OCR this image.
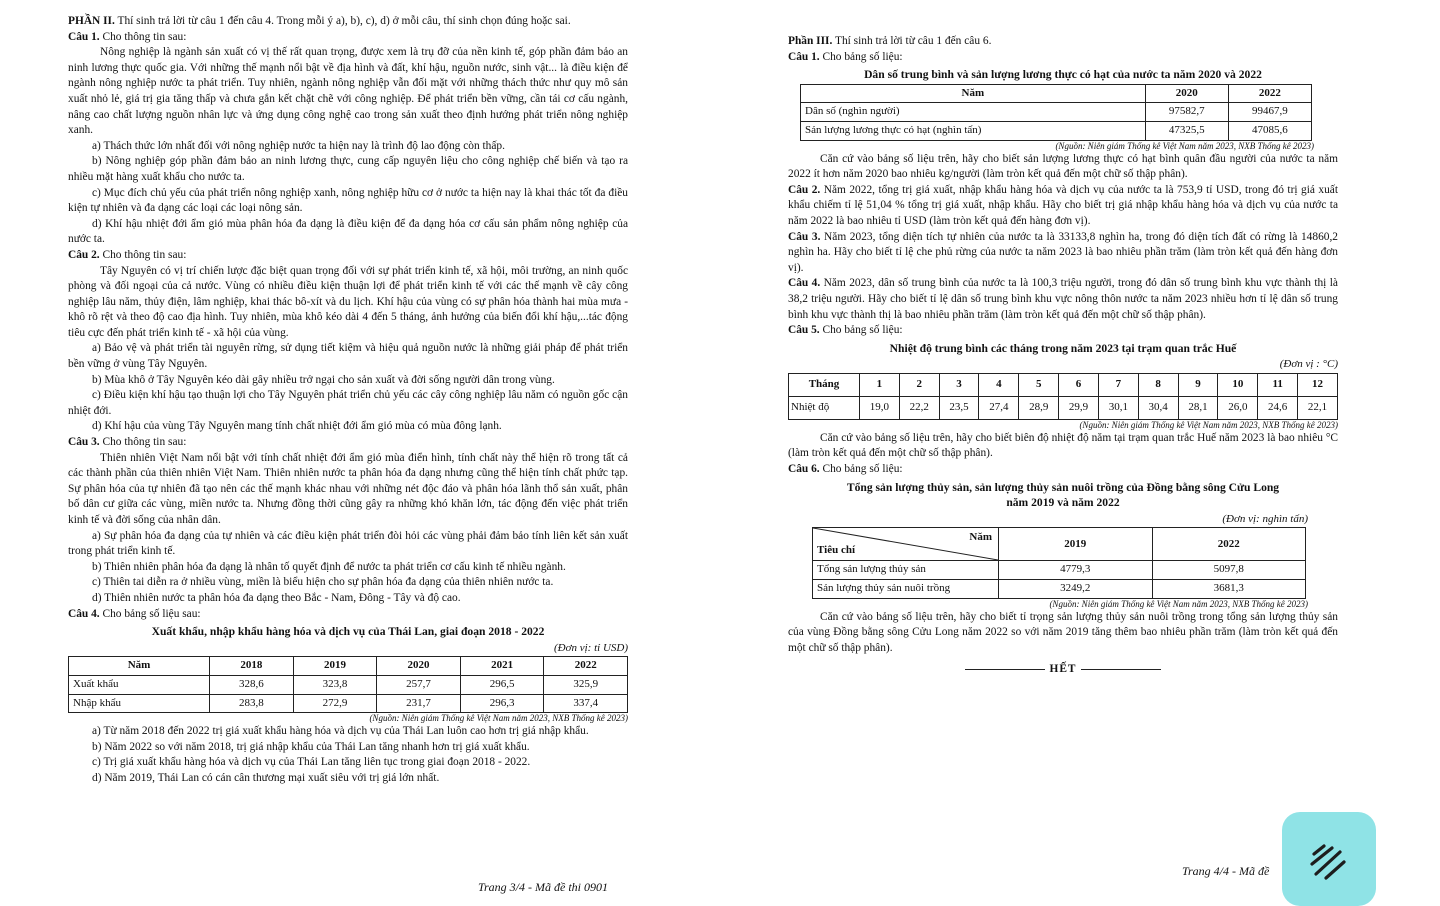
PHẦN II. Thí sinh trả lời từ câu 1 đến câu 4. Trong mỗi ý a), b), c), d) ở mỗi câu, thí sinh chọn đúng hoặc sai.

Câu 1. Cho thông tin sau:

Nông nghiệp là ngành sản xuất có vị thế rất quan trọng, được xem là trụ đỡ của nền kinh tế, góp phần đảm bảo an ninh lương thực quốc gia. Với những thế mạnh nổi bật về địa hình và đất, khí hậu, nguồn nước, sinh vật... là điều kiện để ngành nông nghiệp nước ta phát triển. Tuy nhiên, ngành nông nghiệp vẫn đối mặt với những thách thức như quy mô sản xuất nhỏ lẻ, giá trị gia tăng thấp và chưa gắn kết chặt chẽ với công nghiệp. Để phát triển bền vững, cần tái cơ cấu ngành, nâng cao chất lượng nguồn nhân lực và ứng dụng công nghệ cao trong sản xuất theo định hướng phát triển nông nghiệp xanh.

a) Thách thức lớn nhất đối với nông nghiệp nước ta hiện nay là trình độ lao động còn thấp.

b) Nông nghiệp góp phần đảm bảo an ninh lương thực, cung cấp nguyên liệu cho công nghiệp chế biến và tạo ra nhiều mặt hàng xuất khẩu cho nước ta.

c) Mục đích chủ yếu của phát triển nông nghiệp xanh, nông nghiệp hữu cơ ở nước ta hiện nay là khai thác tốt đa điều kiện tự nhiên và đa dạng các loại các loại nông sản.

d) Khí hậu nhiệt đới ẩm gió mùa phân hóa đa dạng là điều kiện để đa dạng hóa cơ cấu sản phẩm nông nghiệp của nước ta.

Câu 2. Cho thông tin sau:

Tây Nguyên có vị trí chiến lược đặc biệt quan trọng đối với sự phát triển kinh tế, xã hội, môi trường, an ninh quốc phòng và đối ngoại của cả nước. Vùng có nhiều điều kiện thuận lợi để phát triển kinh tế với các thế mạnh về cây công nghiệp lâu năm, thủy điện, lâm nghiệp, khai thác bô-xít và du lịch. Khí hậu của vùng có sự phân hóa thành hai mùa mưa - khô rõ rệt và theo độ cao địa hình. Tuy nhiên, mùa khô kéo dài 4 đến 5 tháng, ảnh hưởng của biến đổi khí hậu,...tác động tiêu cực đến phát triển kinh tế - xã hội của vùng.

a) Bảo vệ và phát triển tài nguyên rừng, sử dụng tiết kiệm và hiệu quả nguồn nước là những giải pháp để phát triển bền vững ở vùng Tây Nguyên.

b) Mùa khô ở Tây Nguyên kéo dài gây nhiều trở ngại cho sản xuất và đời sống người dân trong vùng.

c) Điều kiện khí hậu tạo thuận lợi cho Tây Nguyên phát triển chủ yếu các cây công nghiệp lâu năm có nguồn gốc cận nhiệt đới.

d) Khí hậu của vùng Tây Nguyên mang tính chất nhiệt đới ẩm gió mùa có mùa đông lạnh.

Câu 3. Cho thông tin sau:

Thiên nhiên Việt Nam nổi bật với tính chất nhiệt đới ẩm gió mùa điển hình, tính chất này thể hiện rõ trong tất cả các thành phần của thiên nhiên Việt Nam. Thiên nhiên nước ta phân hóa đa dạng nhưng cũng thể hiện tính chất phức tạp. Sự phân hóa của tự nhiên đã tạo nên các thế mạnh khác nhau với những nét độc đáo và phân hóa lãnh thổ sản xuất, phân bố dân cư giữa các vùng, miền nước ta. Nhưng đồng thời cũng gây ra những khó khăn lớn, tác động đến việc phát triển kinh tế và đời sống của nhân dân.

a) Sự phân hóa đa dạng của tự nhiên và các điều kiện phát triển đòi hỏi các vùng phải đảm bảo tính liên kết sản xuất trong phát triển kinh tế.

b) Thiên nhiên phân hóa đa dạng là nhân tố quyết định để nước ta phát triển cơ cấu kinh tế nhiều ngành.

c) Thiên tai diễn ra ở nhiều vùng, miền là biểu hiện cho sự phân hóa đa dạng của thiên nhiên nước ta.

d) Thiên nhiên nước ta phân hóa đa dạng theo Bắc - Nam, Đông - Tây và độ cao.

Câu 4. Cho bảng số liệu sau:

Xuất khẩu, nhập khẩu hàng hóa và dịch vụ của Thái Lan, giai đoạn 2018 - 2022

(Đơn vị: tỉ USD)

Năm	2018	2019	2020	2021	2022
Xuất khẩu	328,6	323,8	257,7	296,5	325,9
Nhập khẩu	283,8	272,9	231,7	296,3	337,4

(Nguồn: Niên giám Thống kê Việt Nam năm 2023, NXB Thống kê 2023)

a) Từ năm 2018 đến 2022 trị giá xuất khẩu hàng hóa và dịch vụ của Thái Lan luôn cao hơn trị giá nhập khẩu.

b) Năm 2022 so với năm 2018, trị giá nhập khẩu của Thái Lan tăng nhanh hơn trị giá xuất khẩu.

c) Trị giá xuất khẩu hàng hóa và dịch vụ của Thái Lan tăng liên tục trong giai đoạn 2018 - 2022.

d) Năm 2019, Thái Lan có cán cân thương mại xuất siêu với trị giá lớn nhất.

Trang 3/4 - Mã đề thi 0901

Phần III. Thí sinh trả lời từ câu 1 đến câu 6.

Câu 1. Cho bảng số liệu:

Dân số trung bình và sản lượng lương thực có hạt của nước ta năm 2020 và 2022

Năm	2020	2022
Dân số (nghìn người)	97582,7	99467,9
Sản lượng lương thực có hạt (nghìn tấn)	47325,5	47085,6

(Nguồn: Niên giám Thống kê Việt Nam năm 2023, NXB Thống kê 2023)

Căn cứ vào bảng số liệu trên, hãy cho biết sản lượng lương thực có hạt bình quân đầu người của nước ta năm 2022 ít hơn năm 2020 bao nhiêu kg/người (làm tròn kết quả đến một chữ số thập phân).

Câu 2. Năm 2022, tổng trị giá xuất, nhập khẩu hàng hóa và dịch vụ của nước ta là 753,9 tỉ USD, trong đó trị giá xuất khẩu chiếm tỉ lệ 51,04 % tổng trị giá xuất, nhập khẩu. Hãy cho biết trị giá nhập khẩu hàng hóa và dịch vụ của nước ta năm 2022 là bao nhiêu tỉ USD (làm tròn kết quả đến hàng đơn vị).

Câu 3. Năm 2023, tổng diện tích tự nhiên của nước ta là 33133,8 nghìn ha, trong đó diện tích đất có rừng là 14860,2 nghìn ha. Hãy cho biết tỉ lệ che phủ rừng của nước ta năm 2023 là bao nhiêu phần trăm (làm tròn kết quả đến hàng đơn vị).

Câu 4. Năm 2023, dân số trung bình của nước ta là 100,3 triệu người, trong đó dân số trung bình khu vực thành thị là 38,2 triệu người. Hãy cho biết tỉ lệ dân số trung bình khu vực nông thôn nước ta năm 2023 nhiều hơn tỉ lệ dân số trung bình khu vực thành thị là bao nhiêu phần trăm (làm tròn kết quả đến một chữ số thập phân).

Câu 5. Cho bảng số liệu:

Nhiệt độ trung bình các tháng trong năm 2023 tại trạm quan trắc Huế

(Đơn vị : °C)

Tháng	1	2	3	4	5	6	7	8	9	10	11	12
Nhiệt độ	19,0	22,2	23,5	27,4	28,9	29,9	30,1	30,4	28,1	26,0	24,6	22,1

(Nguồn: Niên giám Thống kê Việt Nam năm 2023, NXB Thống kê 2023)

Căn cứ vào bảng số liệu trên, hãy cho biết biên độ nhiệt độ năm tại trạm quan trắc Huế năm 2023 là bao nhiêu °C (làm tròn kết quả đến một chữ số thập phân).

Câu 6. Cho bảng số liệu:

Tổng sản lượng thủy sản, sản lượng thủy sản nuôi trồng của Đồng bằng sông Cửu Long
năm 2019 và năm 2022

(Đơn vị: nghìn tấn)

Năm
Tiêu chí	2019	2022
Tổng sản lượng thủy sản	4779,3	5097,8
Sản lượng thủy sản nuôi trồng	3249,2	3681,3

(Nguồn: Niên giám Thống kê Việt Nam năm 2023, NXB Thống kê 2023)

Căn cứ vào bảng số liệu trên, hãy cho biết tỉ trọng sản lượng thủy sản nuôi trồng trong tổng sản lượng thủy sản của vùng Đồng bằng sông Cửu Long năm 2022 so với năm 2019 tăng thêm bao nhiêu phần trăm (làm tròn kết quả đến một chữ số thập phân).

HẾT

Trang 4/4 - Mã đề
